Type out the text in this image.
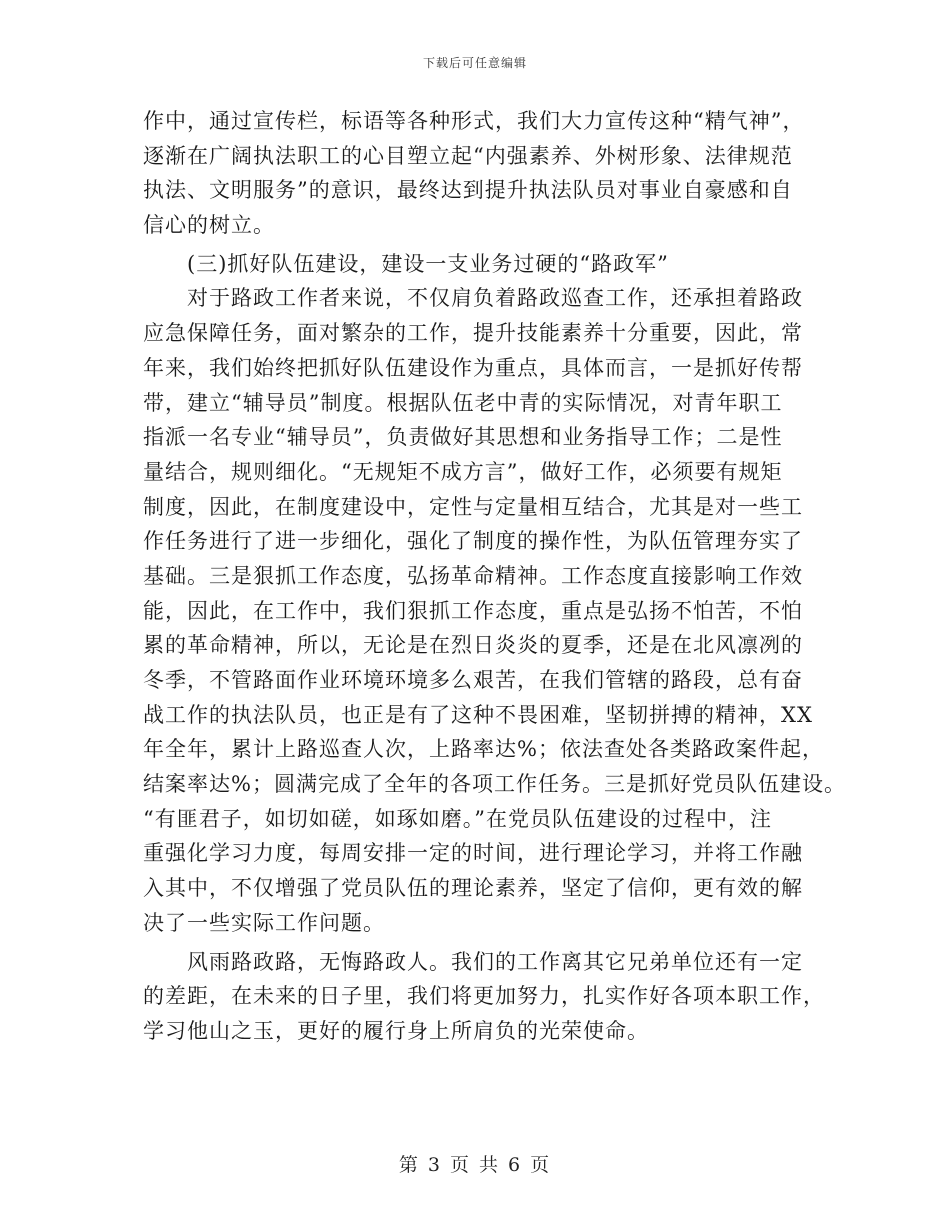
下载后可任意编辑
作中，通过宣传栏，标语等各种形式，我们大力宣传这种“精气神”，
逐渐在广阔执法职工的心目塑立起“内强素养、外树形象、法律规范
执法、文明服务”的意识，最终达到提升执法队员对事业自豪感和自
信心的树立。
(三)抓好队伍建设，建设一支业务过硬的“路政军”
对于路政工作者来说，不仅肩负着路政巡查工作，还承担着路政
应急保障任务，面对繁杂的工作，提升技能素养十分重要，因此，常
年来，我们始终把抓好队伍建设作为重点，具体而言，一是抓好传帮
带，建立“辅导员”制度。根据队伍老中青的实际情况，对青年职工
指派一名专业“辅导员”，负责做好其思想和业务指导工作；二是性
量结合，规则细化。“无规矩不成方言”，做好工作，必须要有规矩
制度，因此，在制度建设中，定性与定量相互结合，尤其是对一些工
作任务进行了进一步细化，强化了制度的操作性，为队伍管理夯实了
基础。三是狠抓工作态度，弘扬革命精神。工作态度直接影响工作效
能，因此，在工作中，我们狠抓工作态度，重点是弘扬不怕苦，不怕
累的革命精神，所以，无论是在烈日炎炎的夏季，还是在北风凛冽的
冬季，不管路面作业环境环境多么艰苦，在我们管辖的路段，总有奋
战工作的执法队员，也正是有了这种不畏困难，坚韧拼搏的精神，XX
年全年，累计上路巡查人次，上路率达%；依法查处各类路政案件起，
结案率达%；圆满完成了全年的各项工作任务。三是抓好党员队伍建设。
“有匪君子，如切如磋，如琢如磨。”在党员队伍建设的过程中，注
重强化学习力度，每周安排一定的时间，进行理论学习，并将工作融
入其中，不仅增强了党员队伍的理论素养，坚定了信仰，更有效的解
决了一些实际工作问题。
风雨路政路，无悔路政人。我们的工作离其它兄弟单位还有一定
的差距，在未来的日子里，我们将更加努力，扎实作好各项本职工作，
学习他山之玉，更好的履行身上所肩负的光荣使命。
第 3 页 共 6 页
